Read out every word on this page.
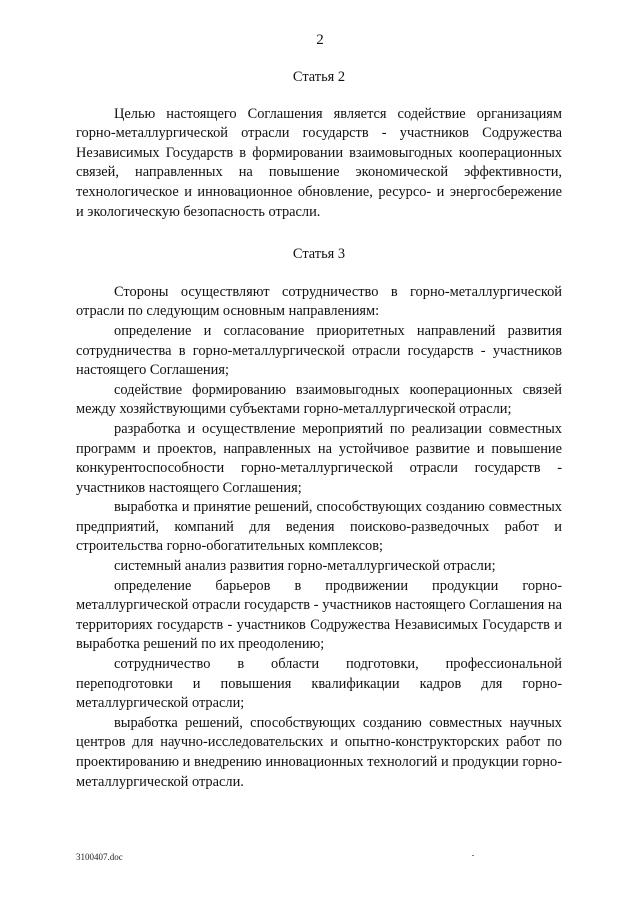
2
Статья 2

Целью настоящего Соглашения является содействие организациям горно-металлургической отрасли государств - участников Содружества Независимых Государств в формировании взаимовыгодных кооперационных связей, направленных на повышение экономической эффективности, технологическое и инновационное обновление, ресурсо- и энергосбережение и экологическую безопасность отрасли.

Статья 3

Стороны осуществляют сотрудничество в горно-металлургической отрасли по следующим основным направлениям:

определение и согласование приоритетных направлений развития сотрудничества в горно-металлургической отрасли государств - участников настоящего Соглашения;

содействие формированию взаимовыгодных кооперационных связей между хозяйствующими субъектами горно-металлургической отрасли;

разработка и осуществление мероприятий по реализации совместных программ и проектов, направленных на устойчивое развитие и повышение конкурентоспособности горно-металлургической отрасли государств - участников настоящего Соглашения;

выработка и принятие решений, способствующих созданию совместных предприятий, компаний для ведения поисково-разведочных работ и строительства горно-обогатительных комплексов;

системный анализ развития горно-металлургической отрасли;

определение барьеров в продвижении продукции горно-металлургической отрасли государств - участников настоящего Соглашения на территориях государств - участников Содружества Независимых Государств и выработка решений по их преодолению;

сотрудничество в области подготовки, профессиональной переподготовки и повышения квалификации кадров для горно-металлургической отрасли;

выработка решений, способствующих созданию совместных научных центров для научно-исследовательских и опытно-конструкторских работ по проектированию и внедрению инновационных технологий и продукции горно-металлургической отрасли.

3100407.doc
